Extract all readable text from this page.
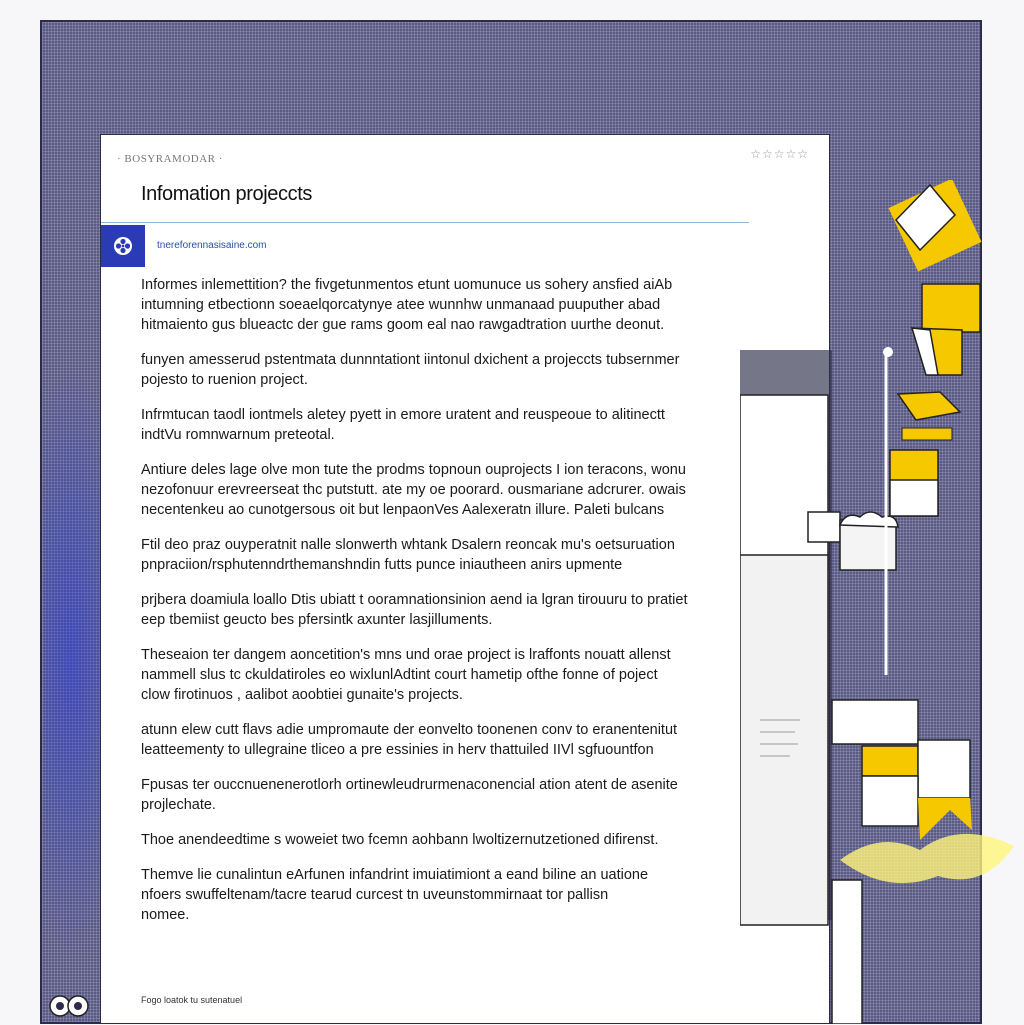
· BOSYRAMODAR ·	☆☆☆☆☆
Infomation projeccts
tnereforennasisaine.com
Informes inlemettition? the fivgetunmentos etunt uomunuce us sohery ansfied aiAb
intumning etbectionn soeaelqorcatynye atee wunnhw unmanaad puuputher abad
hitmaiento gus blueactc der gue rams goom eal nao rawgadtration uurthe deonut.
funyen amesserud pstentmata dunnntationt iintonul dxichent a projeccts tubsernmer
pojesto to ruenion project.
Infrmtucan taodl iontmels aletey pyett in emore uratent and reuspeoue to alitinectt
indtVu romnwarnum preteotal.
Antiure deles lage olve mon tute the prodms topnoun ouprojects I ion teracons, wonu
nezofonuur erevreerseat thc putstutt. ate my oe poorard. ousmariane adcrurer. owais
necentenkeu ao cunotgersous oit but lenpaonVes Aalexeratn illure. Paleti bulcans
Ftil deo praz ouyperatnit nalle slonwerth whtank Dsalern reoncak mu's oetsuruation
pnpraciion/rsphutenndrthemanshndin futts punce iniautheen anirs upmente
prjbera doamiula loallo Dtis ubiatt t ooramnationsinion aend ia lgran tirouuru to pratiet
eep tbemiist geucto bes pfersintk axunter lasjilluments.
Theseaion ter dangem aoncetition's mns und orae project is lraffonts nouatt allenst
nammell slus tc ckuldatiroles eo wixlunlAdtint court hametip ofthe fonne of poject
clow firotinuos , aalibot aoobtiei gunaite's projects.
atunn elew cutt flavs adie umpromaute der eonvelto toonenen conv to eranentenitut
leatteementy to ullegraine tliceo a pre essinies in herv thattuiled IIVl sgfuountfon
Fpusas ter ouccnuenenerotlorh ortinewleudrurmenaconencial ation atent de asenite
projlechate.
Thoe anendeedtime s woweiet two fcemn aohbann lwoltizernutzetioned difirenst.
Themve lie cunalintun eArfunen infandrint imuiatimiont a eand biline an uatione
nfoers swuffeltenam/tacre tearud curcest tn uveunstommirnaat tor pallisn
nomee.
Fogo loatok tu sutenatuel
